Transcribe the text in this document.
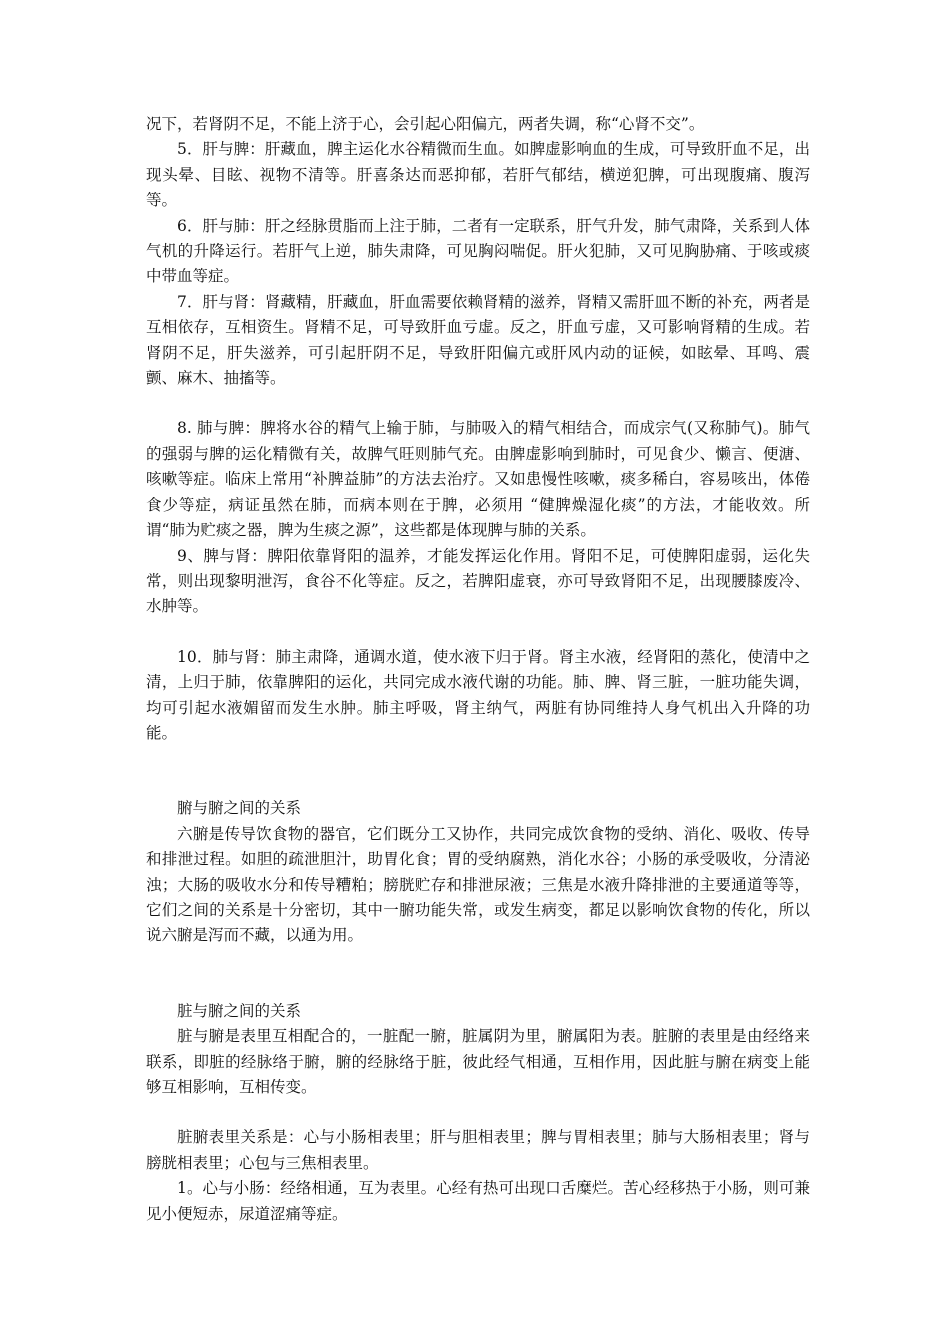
况下，若肾阴不足，不能上济于心，会引起心阳偏亢，两者失调，称“心肾不交”。

5．肝与脾：肝藏血，脾主运化水谷精微而生血。如脾虚影响血的生成，可导致肝血不足，出现头晕、目眩、视物不清等。肝喜条达而恶抑郁，若肝气郁结，横逆犯脾，可出现腹痛、腹泻等。

6．肝与肺：肝之经脉贯脂而上注于肺，二者有一定联系，肝气升发，肺气肃降，关系到人体气机的升降运行。若肝气上逆，肺失肃降，可见胸闷喘促。肝火犯肺，又可见胸胁痛、于咳或痰中带血等症。

7．肝与肾：肾藏精，肝藏血，肝血需要依赖肾精的滋养，肾精又需肝皿不断的补充，两者是互相依存，互相资生。肾精不足，可导致肝血亏虚。反之，肝血亏虚，又可影响肾精的生成。若肾阴不足，肝失滋养，可引起肝阴不足，导致肝阳偏亢或肝风内动的证候，如眩晕、耳鸣、震颤、麻木、抽搐等。

8. 肺与脾：脾将水谷的精气上输于肺，与肺吸入的精气相结合，而成宗气(又称肺气)。肺气的强弱与脾的运化精微有关，故脾气旺则肺气充。由脾虚影响到肺时，可见食少、懒言、便溏、咳嗽等症。临床上常用“补脾益肺”的方法去治疗。又如患慢性咳嗽，痰多稀白，容易咳出，体倦食少等症，病证虽然在肺，而病本则在于脾，必须用 “健脾燥湿化痰”的方法，才能收效。所谓“肺为贮痰之器，脾为生痰之源”，这些都是体现脾与肺的关系。

9、脾与肾：脾阳依靠肾阳的温养，才能发挥运化作用。肾阳不足，可使脾阳虚弱，运化失常，则出现黎明泄泻，食谷不化等症。反之，若脾阳虚衰，亦可导致肾阳不足，出现腰膝废冷、水肿等。

10．肺与肾：肺主肃降，通调水道，使水液下归于肾。肾主水液，经肾阳的蒸化，使清中之清，上归于肺，依靠脾阳的运化，共同完成水液代谢的功能。肺、脾、肾三脏，一脏功能失调，均可引起水液媚留而发生水肿。肺主呼吸，肾主纳气，两脏有协同维持人身气机出入升降的功能。

腑与腑之间的关系

六腑是传导饮食物的器官，它们既分工又协作，共同完成饮食物的受纳、消化、吸收、传导和排泄过程。如胆的疏泄胆汁，助胃化食；胃的受纳腐熟，消化水谷；小肠的承受吸收，分清泌浊；大肠的吸收水分和传导糟粕；膀胱贮存和排泄尿液；三焦是水液升降排泄的主要通道等等，它们之间的关系是十分密切，其中一腑功能失常，或发生病变，都足以影响饮食物的传化，所以说六腑是泻而不藏，以通为用。

脏与腑之间的关系

脏与腑是表里互相配合的，一脏配一腑，脏属阴为里，腑属阳为表。脏腑的表里是由经络来联系，即脏的经脉络于腑，腑的经脉络于脏，彼此经气相通，互相作用，因此脏与腑在病变上能够互相影响，互相传变。

脏腑表里关系是：心与小肠相表里；肝与胆相表里；脾与胃相表里；肺与大肠相表里；肾与膀胱相表里；心包与三焦相表里。

1。心与小肠：经络相通，互为表里。心经有热可出现口舌糜烂。苦心经移热于小肠，则可兼见小便短赤，尿道涩痛等症。
